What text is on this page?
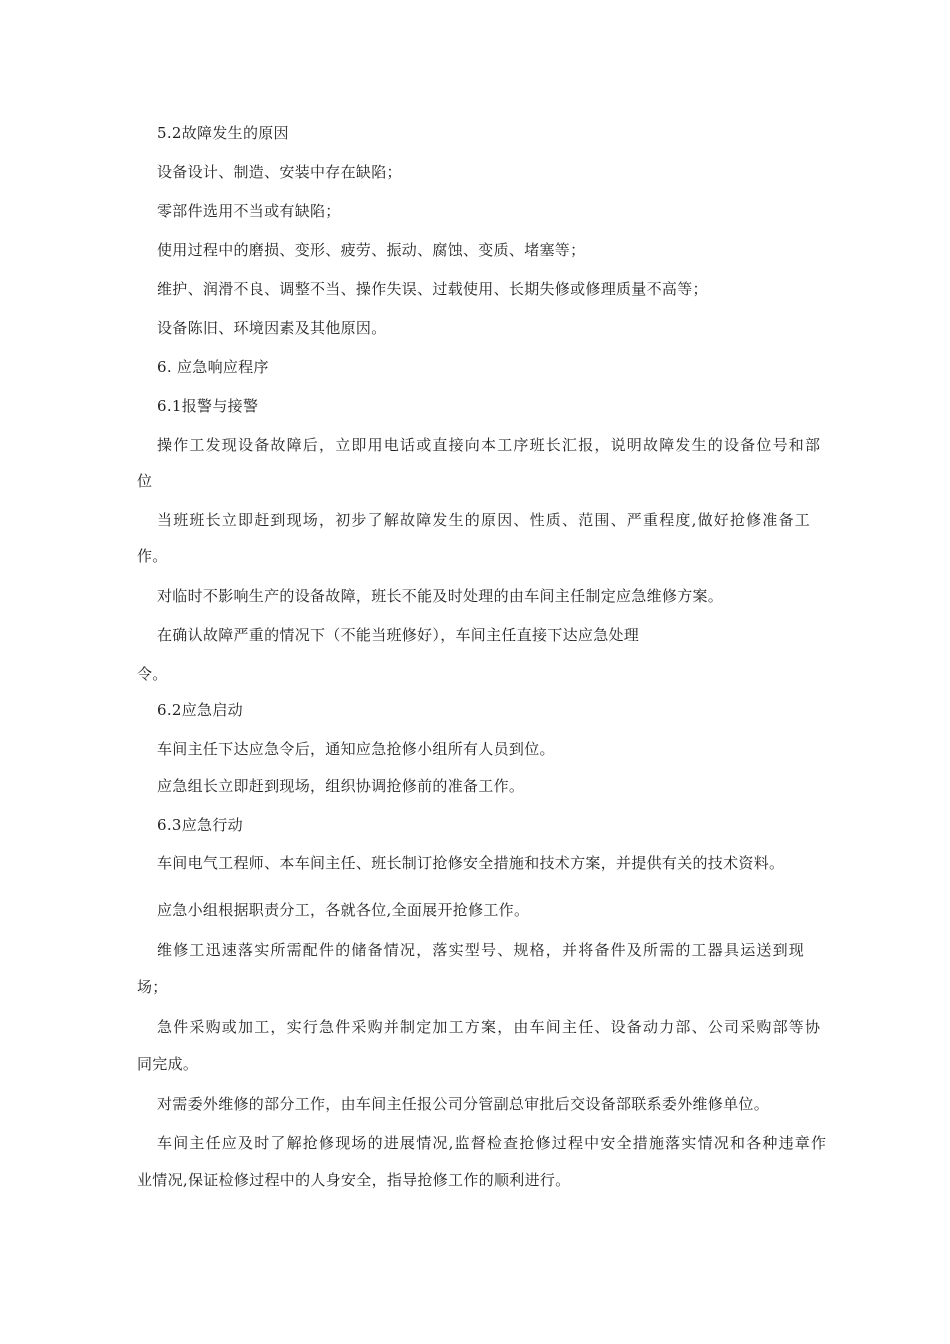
5.2故障发生的原因
设备设计、制造、安装中存在缺陷；
零部件选用不当或有缺陷；
使用过程中的磨损、变形、疲劳、振动、腐蚀、变质、堵塞等；
维护、润滑不良、调整不当、操作失误、过载使用、长期失修或修理质量不高等；
设备陈旧、环境因素及其他原因。
6. 应急响应程序
6.1报警与接警
操作工发现设备故障后，立即用电话或直接向本工序班长汇报，说明故障发生的设备位号和部
位
当班班长立即赶到现场，初步了解故障发生的原因、性质、范围、严重程度,做好抢修准备工
作。
对临时不影响生产的设备故障，班长不能及时处理的由车间主任制定应急维修方案。
在确认故障严重的情况下（不能当班修好），车间主任直接下达应急处理
令。
6.2应急启动
车间主任下达应急令后，通知应急抢修小组所有人员到位。
应急组长立即赶到现场，组织协调抢修前的准备工作。
6.3应急行动
车间电气工程师、本车间主任、班长制订抢修安全措施和技术方案，并提供有关的技术资料。
应急小组根据职责分工，各就各位,全面展开抢修工作。
维修工迅速落实所需配件的储备情况，落实型号、规格，并将备件及所需的工器具运送到现
场；
急件采购或加工，实行急件采购并制定加工方案，由车间主任、设备动力部、公司采购部等协
同完成。
对需委外维修的部分工作，由车间主任报公司分管副总审批后交设备部联系委外维修单位。
车间主任应及时了解抢修现场的进展情况,监督检查抢修过程中安全措施落实情况和各种违章作
业情况,保证检修过程中的人身安全，指导抢修工作的顺利进行。
